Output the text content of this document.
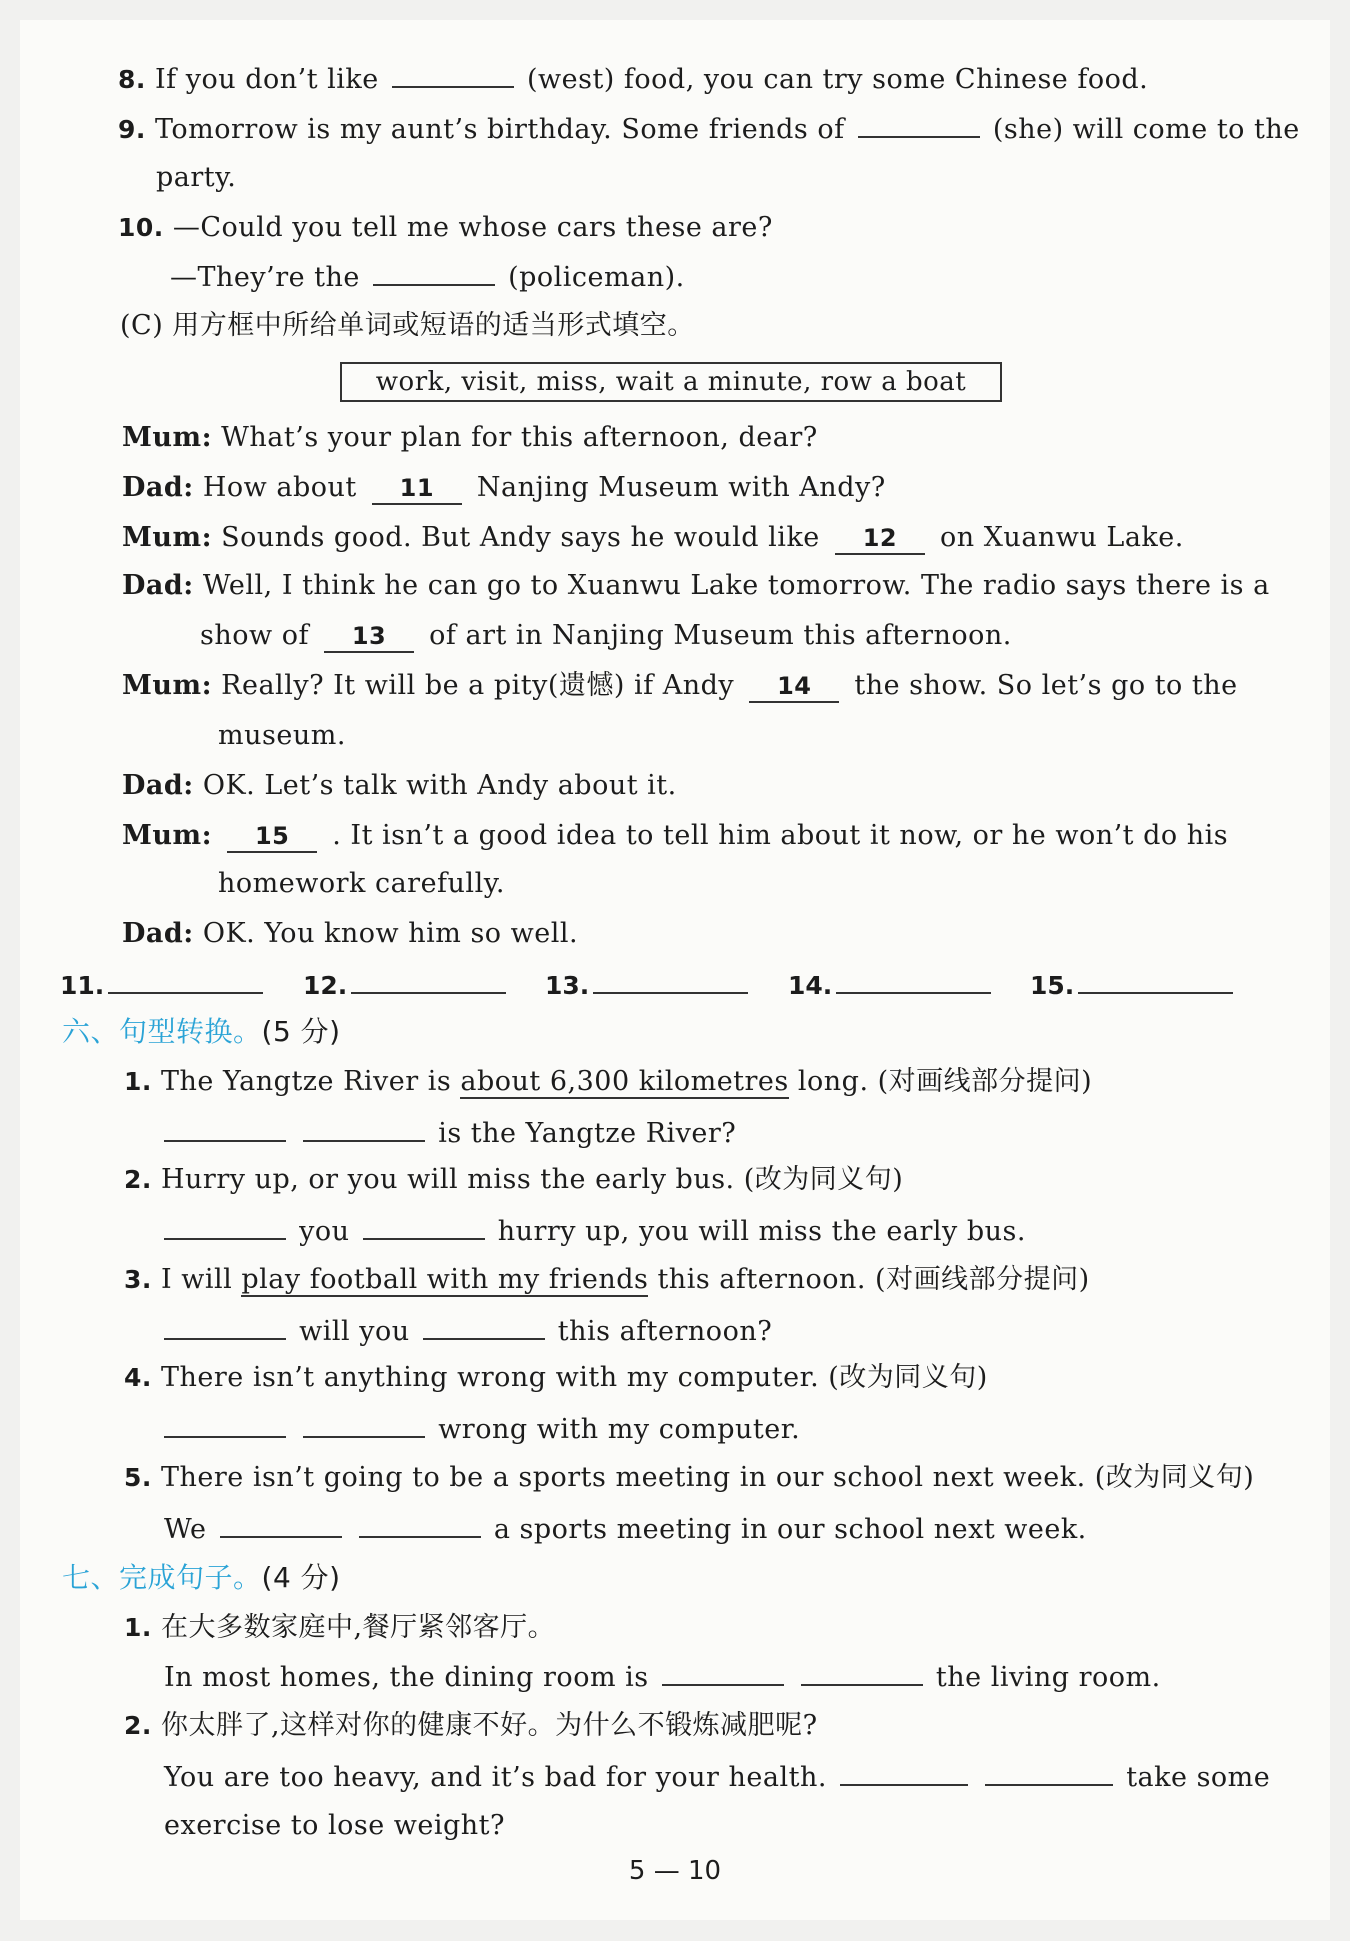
8. If you don’t like	(west) food, you can try some Chinese food.
9. Tomorrow is my aunt’s birthday. Some friends of	(she) will come to the
party.
10. —Could you tell me whose cars these are?
—They’re the	(policeman).
(C) 用方框中所给单词或短语的适当形式填空。
work, visit, miss, wait a minute, row a boat
Mum: What’s your plan for this afternoon, dear?
Dad: How about 11 Nanjing Museum with Andy?
Mum: Sounds good. But Andy says he would like 12 on Xuanwu Lake.
Dad: Well, I think he can go to Xuanwu Lake tomorrow. The radio says there is a
show of 13 of art in Nanjing Museum this afternoon.
Mum: Really? It will be a pity(遗憾) if Andy 14 the show. So let’s go to the
museum.
Dad: OK. Let’s talk with Andy about it.
Mum: 15 . It isn’t a good idea to tell him about it now, or he won’t do his
homework carefully.
Dad: OK. You know him so well.
11.	12.	13.	14.	15.
六、句型转换。(5 分)
1. The Yangtze River is about 6,300 kilometres long. (对画线部分提问)
is the Yangtze River?
2. Hurry up, or you will miss the early bus. (改为同义句)
you	hurry up, you will miss the early bus.
3. I will play football with my friends this afternoon. (对画线部分提问)
will you	this afternoon?
4. There isn’t anything wrong with my computer. (改为同义句)
wrong with my computer.
5. There isn’t going to be a sports meeting in our school next week. (改为同义句)
We	a sports meeting in our school next week.
七、完成句子。(4 分)
1. 在大多数家庭中,餐厅紧邻客厅。
In most homes, the dining room is	the living room.
2. 你太胖了,这样对你的健康不好。为什么不锻炼减肥呢?
You are too heavy, and it’s bad for your health.	take some
exercise to lose weight?
5 — 10
